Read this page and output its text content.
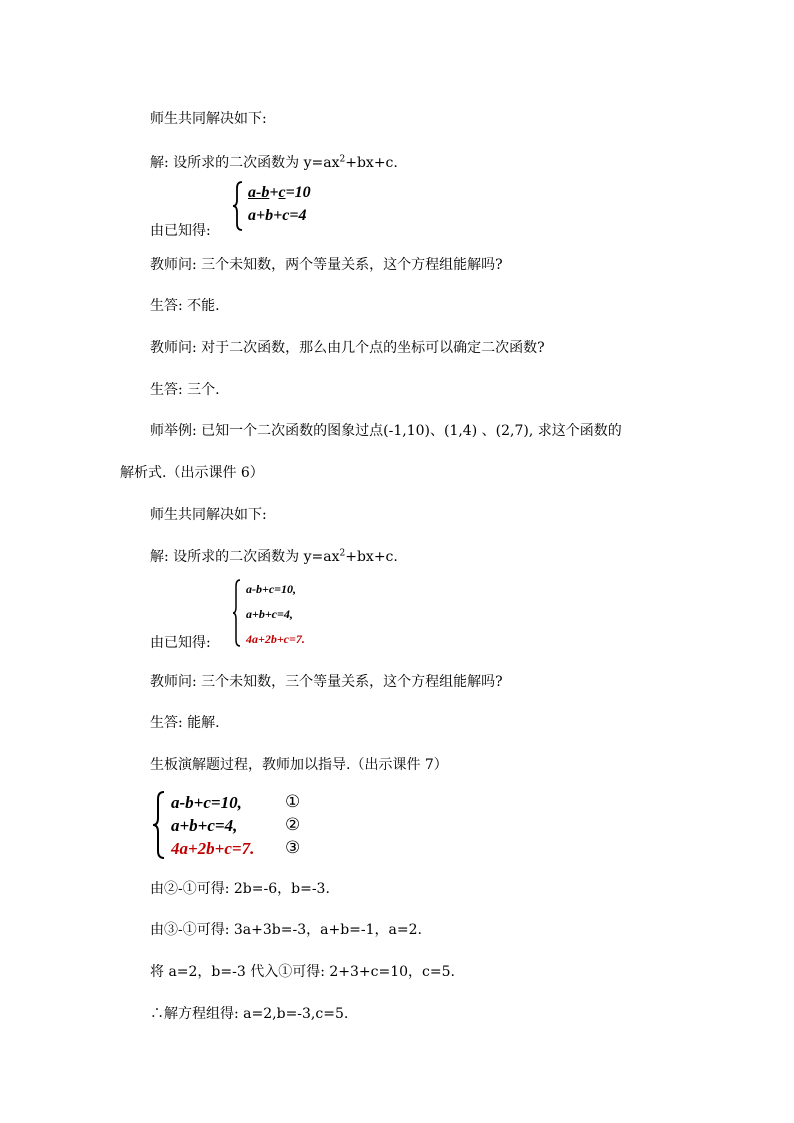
师生共同解决如下:
解: 设所求的二次函数为 $y=ax^2+bx+c$.
a-b+c=10
a+b+c=4
由已知得:
教师问: 三个未知数，两个等量关系，这个方程组能解吗?
生答: 不能.
教师问: 对于二次函数，那么由几个点的坐标可以确定二次函数?
生答: 三个.
师举例: 已知一个二次函数的图象过点(-1,10)、(1,4) 、(2,7), 求这个函数的
解析式.（出示课件 6）
师生共同解决如下:
解: 设所求的二次函数为 $y=ax^2+bx+c$.
a-b+c=10,
a+b+c=4,
4a+2b+c=7.
由已知得:
教师问: 三个未知数，三个等量关系，这个方程组能解吗?
生答: 能解.
生板演解题过程，教师加以指导.（出示课件 7）
a-b+c=10,
a+b+c=4,
4a+2b+c=7.
①
②
③
由②-①可得: 2b=-6，b=-3.
由③-①可得: 3a+3b=-3，a+b=-1，a=2.
将 a=2，b=-3 代入①可得: 2+3+c=10，c=5.
∴解方程组得: a=2,b=-3,c=5.
